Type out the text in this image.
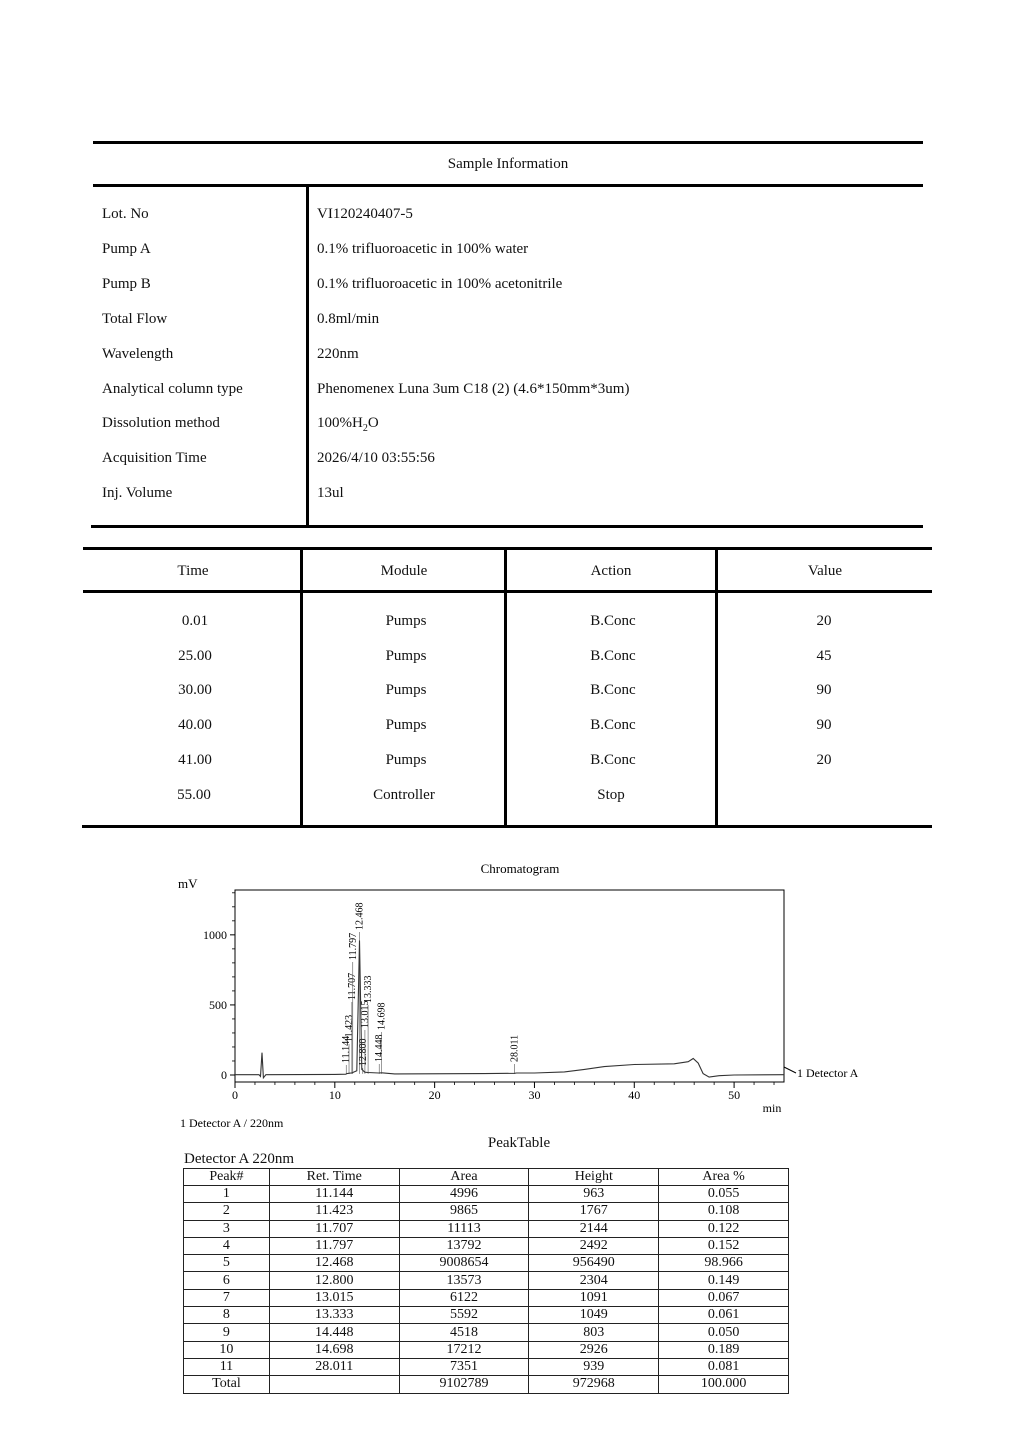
Sample Information
Lot. No	VI120240407-5
Pump A	0.1% trifluoroacetic in 100% water
Pump B	0.1% trifluoroacetic in 100% acetonitrile
Total Flow	0.8ml/min
Wavelength	220nm
Analytical column type	Phenomenex Luna 3um C18 (2) (4.6*150mm*3um)
Dissolution method	$100\%H_2O$
Acquisition Time	2026/4/10 03:55:56
Inj. Volume	13ul
Time	Module	Action	Value
0.01	Pumps	B.Conc	20
25.00	Pumps	B.Conc	45
30.00	Pumps	B.Conc	90
40.00	Pumps	B.Conc	90
41.00	Pumps	B.Conc	20
55.00	Controller	Stop
Chromatogram
mV
0
500
1000
0	10	20	30	40	50
11.144
11.423
11.707
11.797
12.468
12.800
13.015
13.333
14.448
14.698
28.011
1 Detector A
min
1 Detector A / 220nm
PeakTable
Detector A 220nm
Peak#	Ret. Time	Area	Height	Area %
1	11.144	4996	963	0.055
2	11.423	9865	1767	0.108
3	11.707	11113	2144	0.122
4	11.797	13792	2492	0.152
5	12.468	9008654	956490	98.966
6	12.800	13573	2304	0.149
7	13.015	6122	1091	0.067
8	13.333	5592	1049	0.061
9	14.448	4518	803	0.050
10	14.698	17212	2926	0.189
11	28.011	7351	939	0.081
Total		9102789	972968	100.000
